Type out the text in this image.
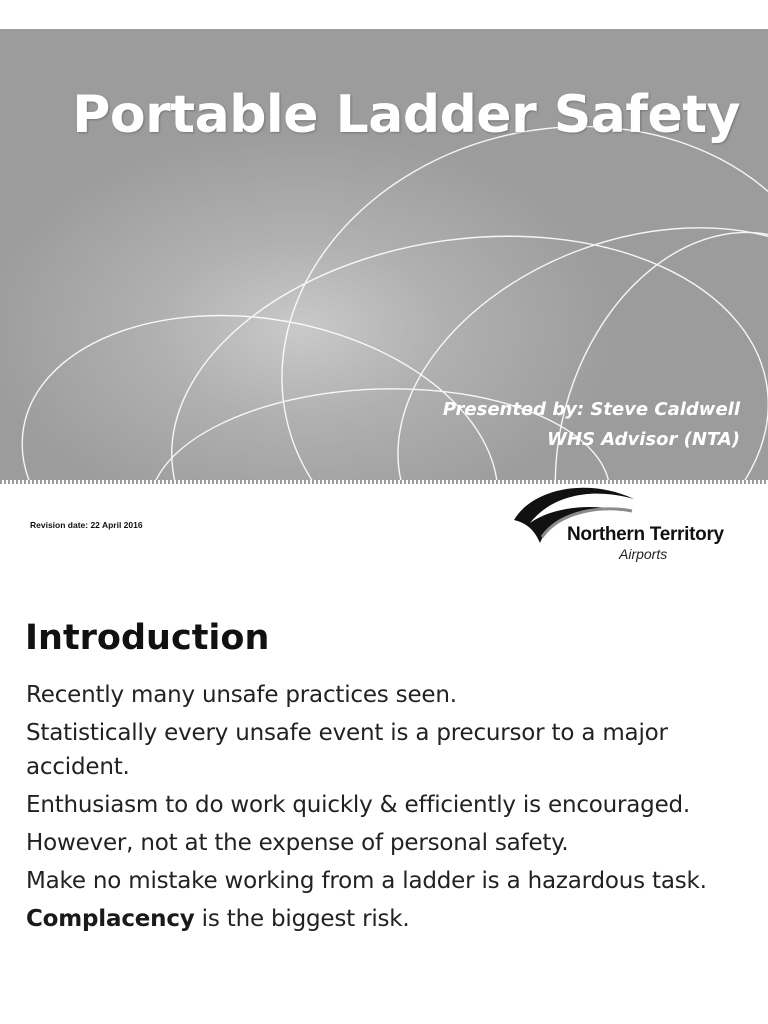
Portable Ladder Safety
Presented by: Steve Caldwell
WHS Advisor (NTA)
Revision date: 22 April 2016	Northern Territory
Airports
Introduction
Recently many unsafe practices seen.
Statistically every unsafe event is a precursor to a major accident.
Enthusiasm to do work quickly & efficiently is encouraged.
However, not at the expense of personal safety.
Make no mistake working from a ladder is a hazardous task.
Complacency is the biggest risk.
